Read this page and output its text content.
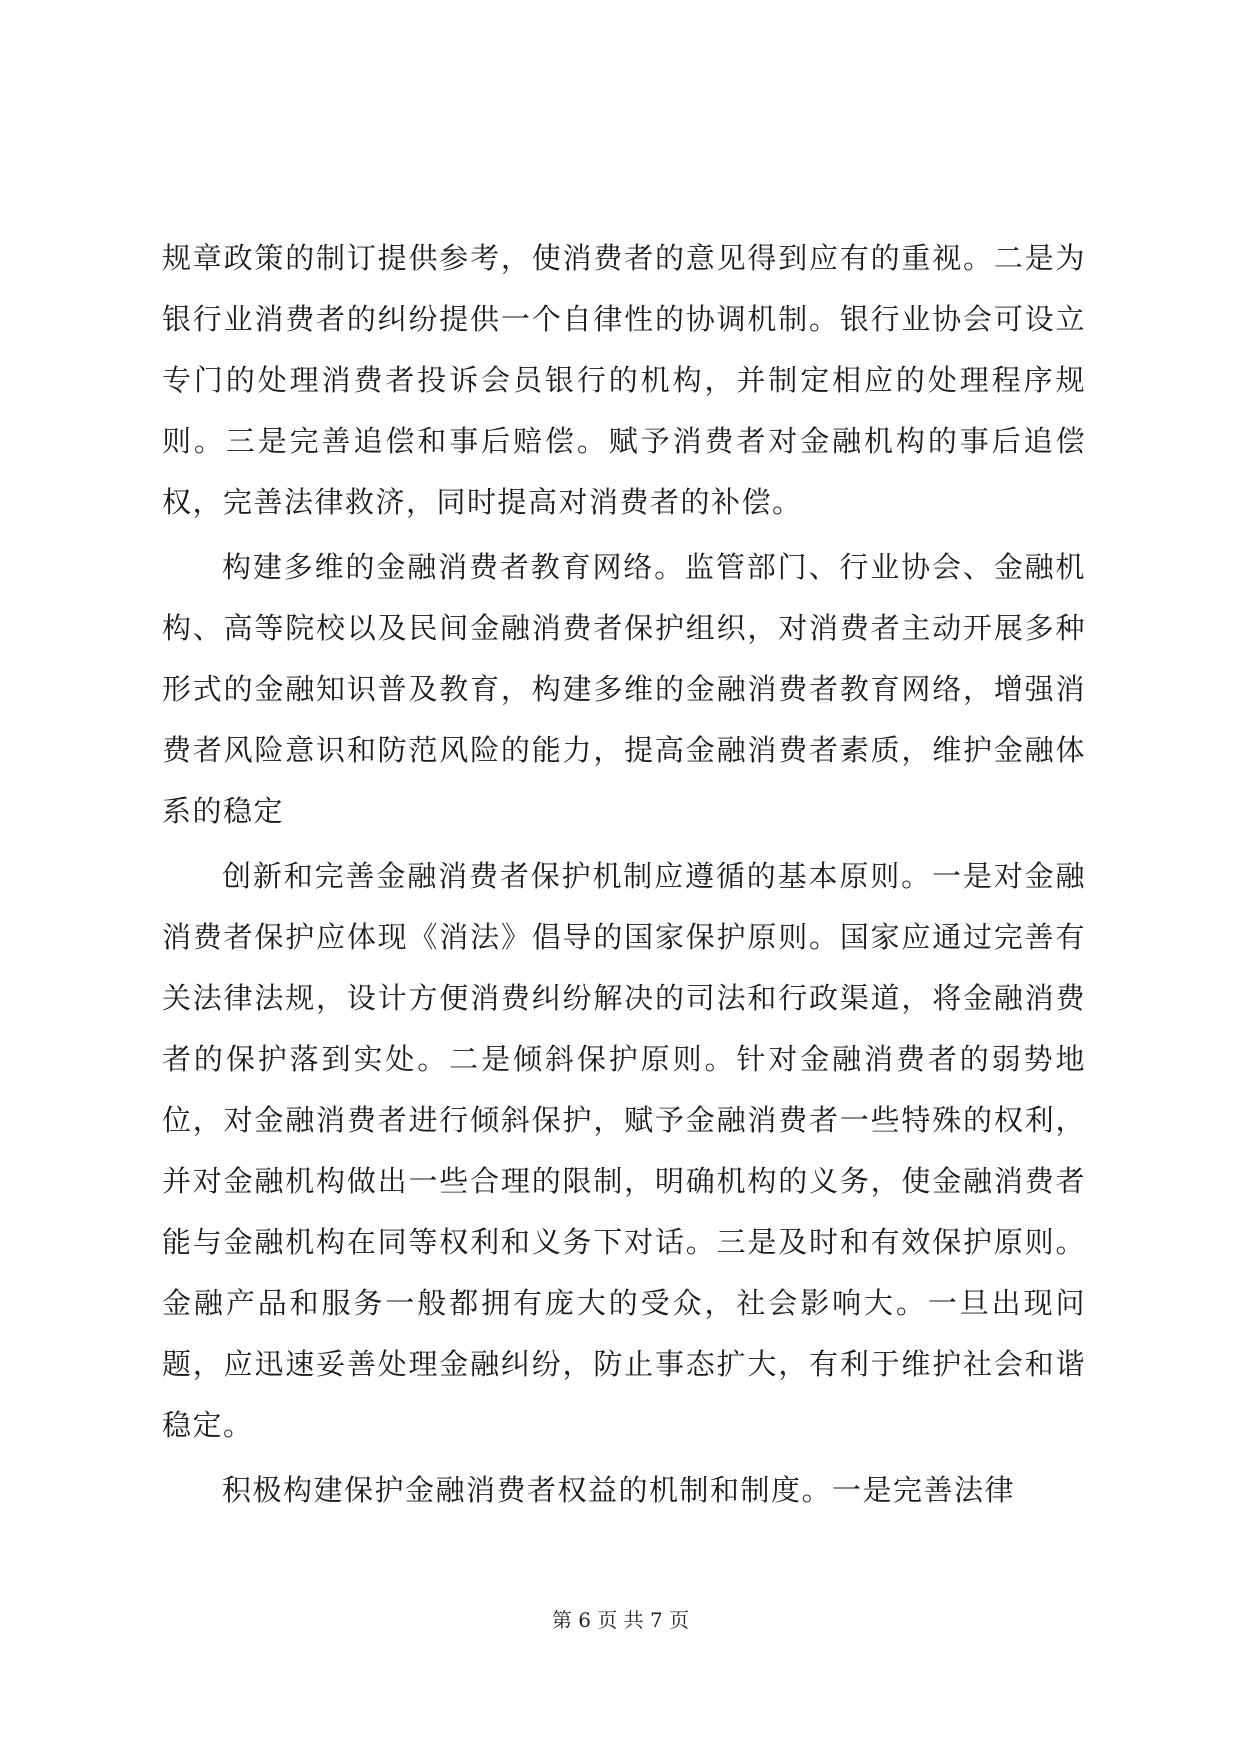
规章政策的制订提供参考，使消费者的意见得到应有的重视。二是为银行业消费者的纠纷提供一个自律性的协调机制。银行业协会可设立专门的处理消费者投诉会员银行的机构，并制定相应的处理程序规则。三是完善追偿和事后赔偿。赋予消费者对金融机构的事后追偿权，完善法律救济，同时提高对消费者的补偿。

构建多维的金融消费者教育网络。监管部门、行业协会、金融机构、高等院校以及民间金融消费者保护组织，对消费者主动开展多种形式的金融知识普及教育，构建多维的金融消费者教育网络，增强消费者风险意识和防范风险的能力，提高金融消费者素质，维护金融体系的稳定

创新和完善金融消费者保护机制应遵循的基本原则。一是对金融消费者保护应体现《消法》倡导的国家保护原则。国家应通过完善有关法律法规，设计方便消费纠纷解决的司法和行政渠道，将金融消费者的保护落到实处。二是倾斜保护原则。针对金融消费者的弱势地位，对金融消费者进行倾斜保护，赋予金融消费者一些特殊的权利，并对金融机构做出一些合理的限制，明确机构的义务，使金融消费者能与金融机构在同等权利和义务下对话。三是及时和有效保护原则。金融产品和服务一般都拥有庞大的受众，社会影响大。一旦出现问题，应迅速妥善处理金融纠纷，防止事态扩大，有利于维护社会和谐稳定。

积极构建保护金融消费者权益的机制和制度。一是完善法律

第 6 页 共 7 页
